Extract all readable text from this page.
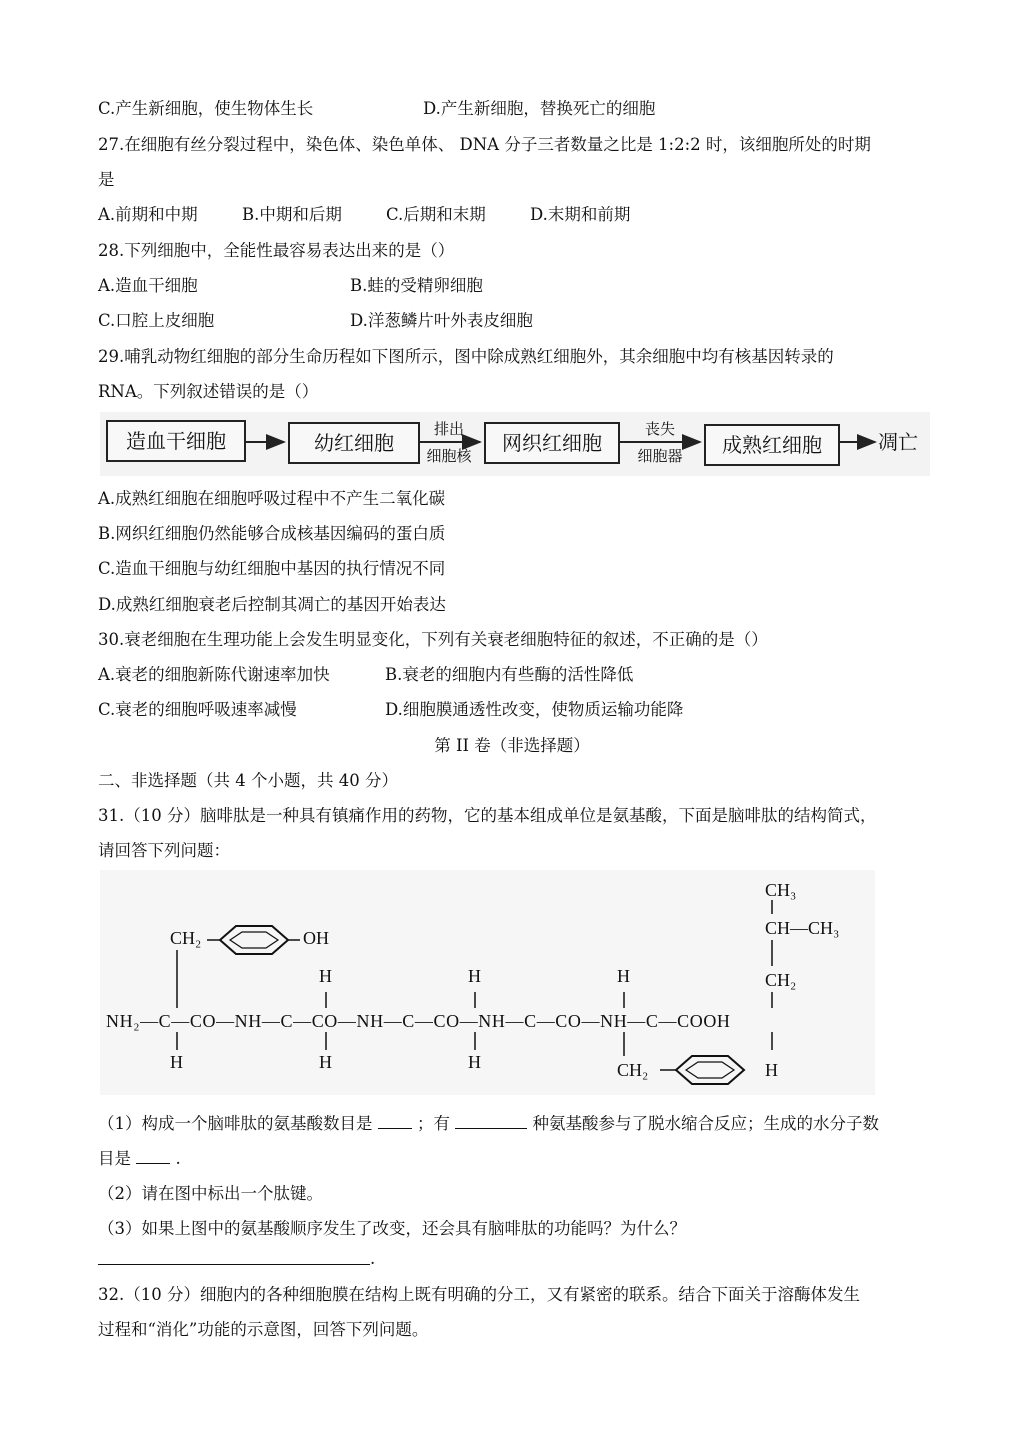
C.产生新细胞，使生物体生长	D.产生新细胞，替换死亡的细胞
27.在细胞有丝分裂过程中，染色体、染色单体、 DNA 分子三者数量之比是 1:2:2 时，该细胞所处的时期
是
A.前期和中期	B.中期和后期	C.后期和末期	D.末期和前期
28.下列细胞中，全能性最容易表达出来的是（）
A.造血干细胞	B.蛙的受精卵细胞
C.口腔上皮细胞	D.洋葱鳞片叶外表皮细胞
29.哺乳动物红细胞的部分生命历程如下图所示，图中除成熟红细胞外，其余细胞中均有核基因转录的
RNA。下列叙述错误的是（）
造血干细胞	幼红细胞
排出
细胞核
网织红细胞
丧失
细胞器	成熟红细胞	凋亡
A.成熟红细胞在细胞呼吸过程中不产生二氧化碳
B.网织红细胞仍然能够合成核基因编码的蛋白质
C.造血干细胞与幼红细胞中基因的执行情况不同
D.成熟红细胞衰老后控制其凋亡的基因开始表达
30.衰老细胞在生理功能上会发生明显变化，下列有关衰老细胞特征的叙述，不正确的是（）
A.衰老的细胞新陈代谢速率加快	B.衰老的细胞内有些酶的活性降低
C.衰老的细胞呼吸速率减慢	D.细胞膜通透性改变，使物质运输功能降
第 II 卷（非选择题）
二、非选择题（共 4 个小题，共 40 分）
31.（10 分）脑啡肽是一种具有镇痛作用的药物，它的基本组成单位是氨基酸，下面是脑啡肽的结构简式，
请回答下列问题：
CH₃
CH—CH₃
CH₂
CH₂	OH
H	H	H
NH₂—C—CO—NH—C—CO—NH—C—CO—NH—C—CO—NH—C—COOH
H	H	H	CH₂	H
（1）构成一个脑啡肽的氨基酸数目是	；有	种氨基酸参与了脱水缩合反应；生成的水分子数
目是	.
（2）请在图中标出一个肽键。
（3）如果上图中的氨基酸顺序发生了改变，还会具有脑啡肽的功能吗？为什么？
.
32.（10 分）细胞内的各种细胞膜在结构上既有明确的分工，又有紧密的联系。结合下面关于溶酶体发生
过程和“消化”功能的示意图，回答下列问题。
